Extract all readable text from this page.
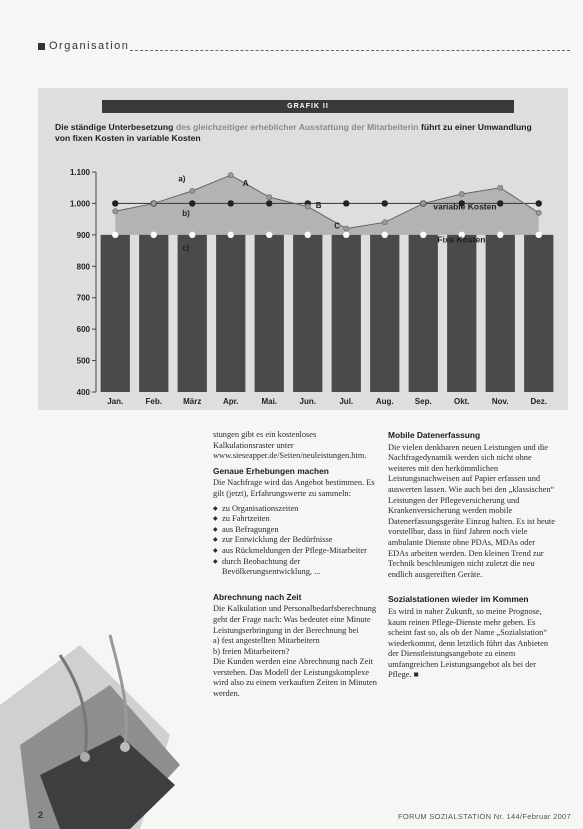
Organisation
GRAFIK II
Die ständige Unterbesetzung des gleichzeitiger erheblicher Ausstattung der Mitarbeiterin führt zu einer Umwandlung von fixen Kosten in variable Kosten
400
500
600
700
800
900
1.000
1.100
Jan.	Feb.	März	Apr.	Mai.	Jun.	Jul.	Aug.	Sep.	Okt.	Nov.	Dez.
a)
A
b)
B
C
c)
variable Kosten
Fixe Kosten

stungen gibt es ein kostenloses Kalkulationsraster unter www.sieseapper.de/Seiten/neuleistungen.htm.

Genaue Erhebungen machen

Die Nachfrage wird das Angebot bestimmen. Es gilt (jetzt), Erfahrungswerte zu sammeln:

◆ zu Organisationszeiten
◆ zu Fahrtzeiten
◆ aus Befragungen
◆ zur Entwicklung der Bedürfnisse
◆ aus Rückmeldungen der Pflege-Mitarbeiter
◆ durch Beobachtung der Bevölkerungsentwicklung, ...
Abrechnung nach Zeit

Die Kalkulation und Personalbedarfsberechnung geht der Frage nach: Was bedeutet eine Minute Leistungserbringung in der Berechnung bei

a) fest angestellten Mitarbeitern

b) freien Mitarbeitern?

Die Kunden werden eine Abrechnung nach Zeit verstehen. Das Modell der Leistungskomplexe wird also zu einem verkauften Zeiten in Minuten werden.

Mobile Datenerfassung

Die vielen denkbaren neuen Leistungen und die Nachfragedynamik werden sich nicht ohne weiteres mit den herkömmlichen Leistungsnachweisen auf Papier erfassen und auswerten lassen. Wie auch bei den „klassischen“ Leistungen der Pflegeversicherung und Krankenversicherung werden mobile Datenerfassungsgeräte Einzug halten. Es ist heute vorstellbar, dass in fünf Jahren noch viele ambulante Dienste ohne PDAs, MDAs oder EDAs arbeiten werden. Den kleinen Trend zur Technik beschleunigen nicht zuletzt die neu endlich ausgereiften Geräte.

Sozialstationen wieder im Kommen

Es wird in naher Zukunft, so meine Prognose, kaum reinen Pflege-Dienste mehr geben. Es scheint fast so, als ob der Name „Sozialstation“ wiederkommt, denn letztlich führt das Anbieten der Dienstleistungsangebote zu einem umfangreichen Leistungsangebot als bei der Pflege. ■

2	FORUM SOZIALSTATION Nr. 144/Februar 2007
